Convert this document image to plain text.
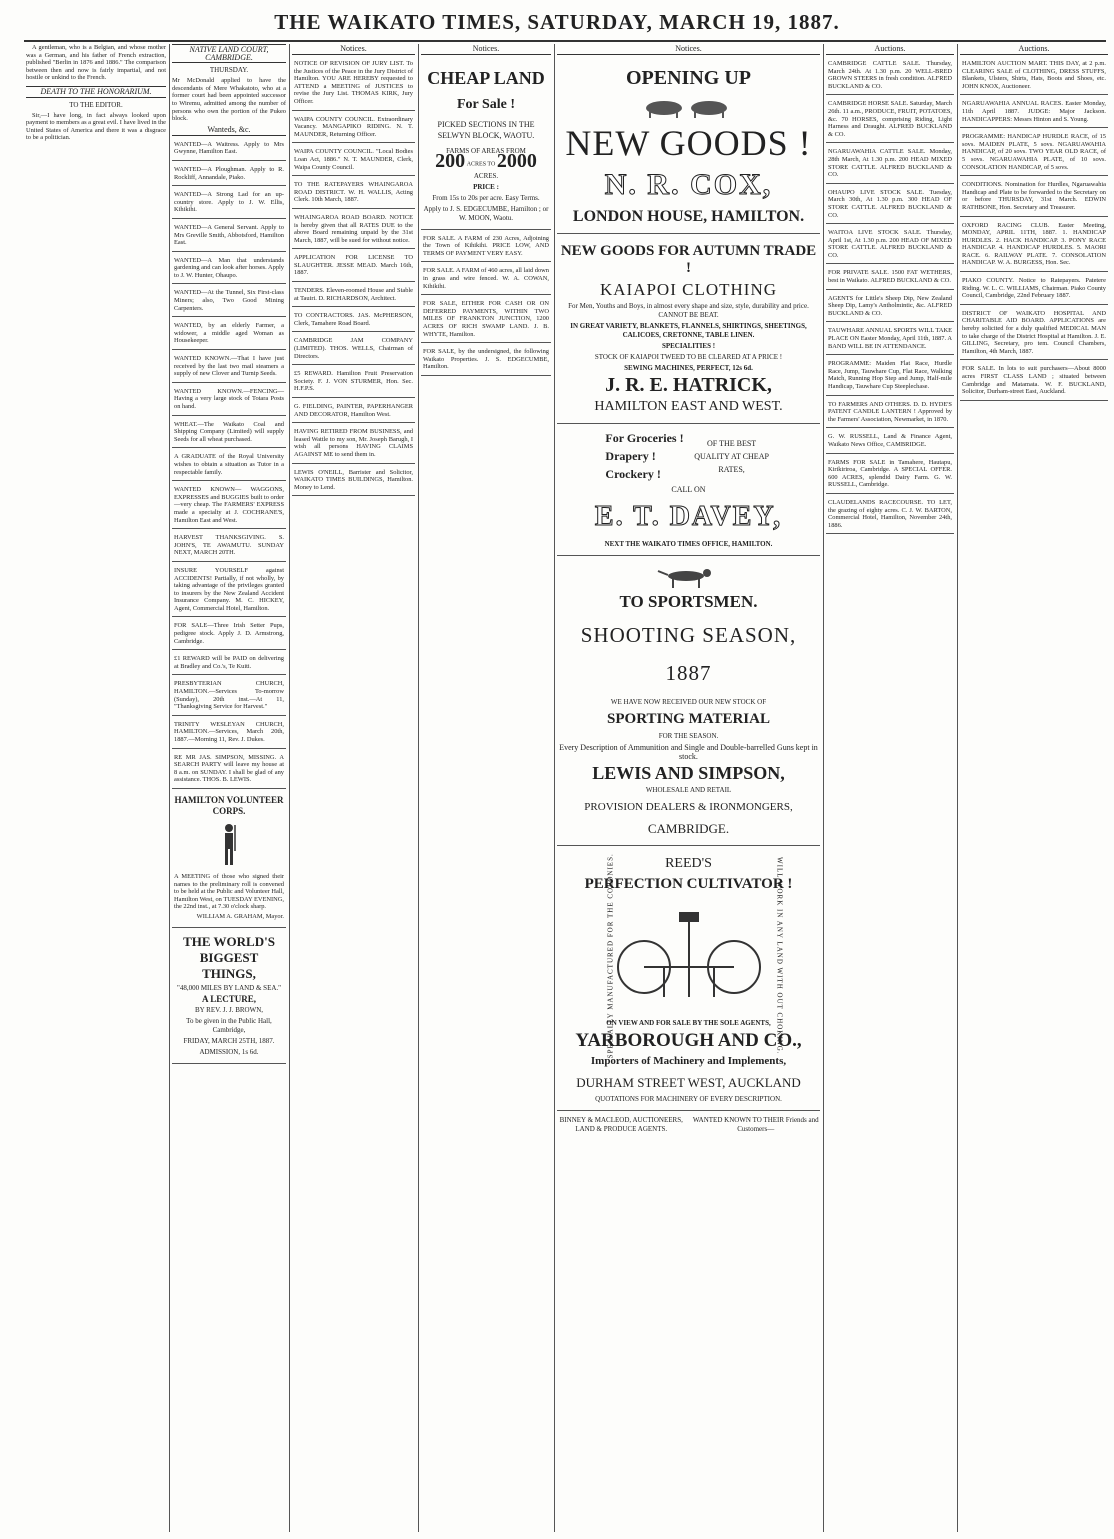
THE WAIKATO TIMES, SATURDAY, MARCH 19, 1887.

A gentleman, who is a Belgian, and whose mother was a German, and his father of French extraction, published "Berlin in 1876 and 1886." The comparison between then and now is fairly impartial, and not hostile or unkind to the French.

DEATH TO THE HONORARIUM.
TO THE EDITOR.

Sir,—I have long, in fact always looked upon payment to members as a great evil. I have lived in the United States of America and there it was a disgrace to be a politician.

NATIVE LAND COURT, CAMBRIDGE.
THURSDAY.

Mr McDonald applied to have the descendants of Mere Whakatoto, who at a former court had been appointed successor to Wiremu, admitted among the number of persons who own the portion of the Pukeo block.

Wanteds, &c.
WANTED—A Waitress. Apply to Mrs Gwynne, Hamilton East.
WANTED—A Ploughman. Apply to R. Rockliff, Annandale, Piako.
WANTED—A Strong Lad for an up-country store. Apply to J. W. Ellis, Kihikihi.
WANTED—A General Servant. Apply to Mrs Greville Smith, Abbotsford, Hamilton East.
WANTED—A Man that understands gardening and can look after horses. Apply to J. W. Hunter, Ohaupo.
WANTED—At the Tunnel, Six First-class Miners; also, Two Good Mining Carpenters.
WANTED, by an elderly Farmer, a widower, a middle aged Woman as Housekeeper.
WANTED KNOWN.—That I have just received by the last two mail steamers a supply of new Clover and Turnip Seeds.
WANTED KNOWN.—FENCING—Having a very large stock of Totara Posts on hand.
WHEAT.—The Waikato Coal and Shipping Company (Limited) will supply Seeds for all wheat purchased.
A GRADUATE of the Royal University wishes to obtain a situation as Tutor in a respectable family.
WANTED KNOWN— WAGGONS, EXPRESSES and BUGGIES built to order—very cheap. The FARMERS' EXPRESS made a specialty at J. COCHRANE'S, Hamilton East and West.
HARVEST THANKSGIVING. S. JOHN'S, TE AWAMUTU. SUNDAY NEXT, MARCH 20TH.
INSURE YOURSELF against ACCIDENTS! Partially, if not wholly, by taking advantage of the privileges granted to insurers by the New Zealand Accident Insurance Company. M. C. HICKEY, Agent, Commercial Hotel, Hamilton.
FOR SALE—Three Irish Setter Pups, pedigree stock. Apply J. D. Armstrong, Cambridge.
£1 REWARD will be PAID on delivering at Bradley and Co.'s, Te Kuiti.
PRESBYTERIAN CHURCH, HAMILTON.—Services To-morrow (Sunday), 20th inst.—At 11, "Thanksgiving Service for Harvest."
TRINITY WESLEYAN CHURCH, HAMILTON.—Services, March 20th, 1887.—Morning 11, Rev. J. Dukes.
RE MR JAS. SIMPSON, MISSING. A SEARCH PARTY will leave my house at 8 a.m. on SUNDAY. I shall be glad of any assistance. THOS. B. LEWIS.
HAMILTON VOLUNTEER CORPS.

A MEETING of those who signed their names to the preliminary roll is convened to be held at the Public and Volunteer Hall, Hamilton West, on TUESDAY EVENING, the 22nd inst., at 7.30 o'clock sharp.

WILLIAM A. GRAHAM, Mayor.

THE WORLD'S BIGGEST THINGS,
"48,000 MILES BY LAND & SEA."
A LECTURE,
BY REV. J. J. BROWN,
To be given in the Public Hall, Cambridge,
FRIDAY, MARCH 25TH, 1887.
ADMISSION, 1s 6d.
Notices.
NOTICE OF REVISION OF JURY LIST. To the Justices of the Peace in the Jury District of Hamilton. YOU ARE HEREBY requested to ATTEND a MEETING of JUSTICES to revise the Jury List. THOMAS KIRK, Jury Officer.
WAIPA COUNTY COUNCIL. Extraordinary Vacancy. MANGAPIKO RIDING. N. T. MAUNDER, Returning Officer.
WAIPA COUNTY COUNCIL. "Local Bodies Loan Act, 1886." N. T. MAUNDER, Clerk, Waipa County Council.
TO THE RATEPAYERS WHAINGAROA ROAD DISTRICT. W. H. WALLIS, Acting Clerk. 10th March, 1887.
WHAINGAROA ROAD BOARD. NOTICE is hereby given that all RATES DUE to the above Board remaining unpaid by the 31st March, 1887, will be sued for without notice.
APPLICATION FOR LICENSE TO SLAUGHTER. JESSE MEAD. March 16th, 1887.
TENDERS. Eleven-roomed House and Stable at Tauiri. D. RICHARDSON, Architect.
TO CONTRACTORS. JAS. McPHERSON, Clerk, Tamahere Road Board.
CAMBRIDGE JAM COMPANY (LIMITED). THOS. WELLS, Chairman of Directors.
£5 REWARD. Hamilton Fruit Preservation Society. F. J. VON STURMER, Hon. Sec. H.F.P.S.
G. FIELDING, PAINTER, PAPERHANGER AND DECORATOR, Hamilton West.
HAVING RETIRED FROM BUSINESS, and leased Wattle to my son, Mr. Joseph Barugh, I wish all persons HAVING CLAIMS AGAINST ME to send them in.
LEWIS O'NEILL, Barrister and Solicitor, WAIKATO TIMES BUILDINGS, Hamilton. Money to Lend.
Notices.
CHEAP LAND
For Sale !
PICKED SECTIONS IN THE SELWYN BLOCK, WAOTU.
FARMS OF AREAS FROM
200 ACRES TO 2000
ACRES.
PRICE :
From 15s to 20s per acre. Easy Terms.
Apply to J. S. EDGECUMBE, Hamilton ; or W. MOON, Waotu.
FOR SALE. A FARM of 230 Acres, Adjoining the Town of Kihikihi. PRICE LOW, AND TERMS OF PAYMENT VERY EASY.
FOR SALE. A FARM of 460 acres, all laid down in grass and wire fenced. W. A. COWAN, Kihikihi.
FOR SALE, EITHER FOR CASH OR ON DEFERRED PAYMENTS, WITHIN TWO MILES OF FRANKTON JUNCTION, 1200 ACRES OF RICH SWAMP LAND. J. B. WHYTE, Hamilton.
FOR SALE, by the undersigned, the following Waikato Properties. J. S. EDGECUMBE, Hamilton.
Notices.
OPENING UP
NEW GOODS !
N. R. COX,
LONDON HOUSE, HAMILTON.
NEW GOODS FOR AUTUMN TRADE !
KAIAPOI CLOTHING
For Men, Youths and Boys, in almost every shape and size, style, durability and price. CANNOT BE BEAT.
IN GREAT VARIETY, BLANKETS, FLANNELS, SHIRTINGS, SHEETINGS, CALICOES, CRETONNE, TABLE LINEN.
SPECIALITIES !
STOCK OF KAIAPOI TWEED TO BE CLEARED AT A PRICE !
SEWING MACHINES, PERFECT, 12s 6d.
J. R. E. HATRICK,
HAMILTON EAST AND WEST.
For Groceries !
Drapery !
Crockery !
OF THE BEST QUALITY AT CHEAP RATES,
CALL ON
E. T. DAVEY,
NEXT THE WAIKATO TIMES OFFICE, HAMILTON.
TO SPORTSMEN.
SHOOTING SEASON, 1887
WE HAVE NOW RECEIVED OUR NEW STOCK OF
SPORTING MATERIAL
FOR THE SEASON.
Every Description of Ammunition and Single and Double-barrelled Guns kept in stock.
LEWIS AND SIMPSON,
WHOLESALE AND RETAIL
PROVISION DEALERS & IRONMONGERS,
CAMBRIDGE.
REED'S
PERFECTION CULTIVATOR !
SPECIALLY MANUFACTURED FOR THE COLONIES.	WILL WORK IN ANY LAND WITH OUT CHOKING.
ON VIEW AND FOR SALE BY THE SOLE AGENTS,
YARBOROUGH AND CO.,
Importers of Machinery and Implements,
DURHAM STREET WEST, AUCKLAND
QUOTATIONS FOR MACHINERY OF EVERY DESCRIPTION.
BINNEY & MACLEOD, AUCTIONEERS, LAND & PRODUCE AGENTS.
WANTED KNOWN TO THEIR Friends and Customers—
Auctions.
CAMBRIDGE CATTLE SALE. Thursday, March 24th. At 1.30 p.m. 20 WELL-BRED GROWN STEERS in fresh condition. ALFRED BUCKLAND & CO.
CAMBRIDGE HORSE SALE. Saturday, March 26th. 11 a.m., PRODUCE, FRUIT, POTATOES, &c. 70 HORSES, comprising Riding, Light Harness and Draught. ALFRED BUCKLAND & CO.
NGARUAWAHIA CATTLE SALE. Monday, 28th March, At 1.30 p.m. 200 HEAD MIXED STORE CATTLE. ALFRED BUCKLAND & CO.
OHAUPO LIVE STOCK SALE. Tuesday, March 30th, At 1.30 p.m. 300 HEAD OF STORE CATTLE. ALFRED BUCKLAND & CO.
WAITOA LIVE STOCK SALE. Thursday, April 1st, At 1.30 p.m. 200 HEAD OF MIXED STORE CATTLE. ALFRED BUCKLAND & CO.
FOR PRIVATE SALE. 1500 FAT WETHERS, best in Waikato. ALFRED BUCKLAND & CO.
AGENTS for Little's Sheep Dip, New Zealand Sheep Dip, Lamy's Antholmintic, &c. ALFRED BUCKLAND & CO.
TAUWHARE ANNUAL SPORTS WILL TAKE PLACE ON Easter Monday, April 11th, 1887. A BAND WILL BE IN ATTENDANCE.
PROGRAMME: Maiden Flat Race, Hurdle Race, Jump, Tauwhare Cup, Flat Race, Walking Match, Running Hop Step and Jump, Half-mile Handicap, Tauwhare Cup Steeplechase.
TO FARMERS AND OTHERS. D. D. HYDE'S PATENT CANDLE LANTERN ! Approved by the Farmers' Association, Newmarket, in 1870.
G. W. RUSSELL, Land & Finance Agent, Waikato News Office, CAMBRIDGE.
FARMS FOR SALE in Tamahere, Hautapu, Kirikiriroa, Cambridge. A SPECIAL OFFER. 600 ACRES, splendid Dairy Farm. G. W. RUSSELL, Cambridge.
CLAUDELANDS RACECOURSE. TO LET, the grazing of eighty acres. C. J. W. BARTON, Commercial Hotel, Hamilton, November 24th, 1886.
Auctions.
HAMILTON AUCTION MART. THIS DAY, at 2 p.m. CLEARING SALE of CLOTHING, DRESS STUFFS, Blankets, Ulsters, Shirts, Hats, Boots and Shoes, etc. JOHN KNOX, Auctioneer.
NGARUAWAHIA ANNUAL RACES. Easter Monday, 11th April 1887. JUDGE: Major Jackson. HANDICAPPERS: Messrs Hinton and S. Young.
PROGRAMME: HANDICAP HURDLE RACE, of 15 sovs. MAIDEN PLATE, 5 sovs. NGARUAWAHIA HANDICAP, of 20 sovs. TWO YEAR OLD RACE, of 5 sovs. NGARUAWAHIA PLATE, of 10 sovs. CONSOLATION HANDICAP, of 5 sovs.
CONDITIONS. Nomination for Hurdles, Ngaruawahia Handicap and Plate to be forwarded to the Secretary on or before THURSDAY, 31st March. EDWIN RATHBONE, Hon. Secretary and Treasurer.
OXFORD RACING CLUB. Easter Meeting, MONDAY, APRIL 11TH, 1887. 1. HANDICAP HURDLES. 2. HACK HANDICAP. 3. PONY RACE HANDICAP. 4. HANDICAP HURDLES. 5. MAORI RACE. 6. RAILWAY PLATE. 7. CONSOLATION HANDICAP. W. A. BURGESS, Hon. Sec.
PIAKO COUNTY. Notice to Ratepayers. Patetere Riding. W. L. C. WILLIAMS, Chairman. Piako County Council, Cambridge, 22nd February 1887.
DISTRICT OF WAIKATO HOSPITAL AND CHARITABLE AID BOARD. APPLICATIONS are hereby solicited for a duly qualified MEDICAL MAN to take charge of the District Hospital at Hamilton. J. E. GILLING, Secretary, pro tem. Council Chambers, Hamilton, 4th March, 1887.
FOR SALE. In lots to suit purchasers—About 8000 acres FIRST CLASS LAND ; situated between Cambridge and Matamata. W. F. BUCKLAND, Solicitor, Durham-street East, Auckland.
